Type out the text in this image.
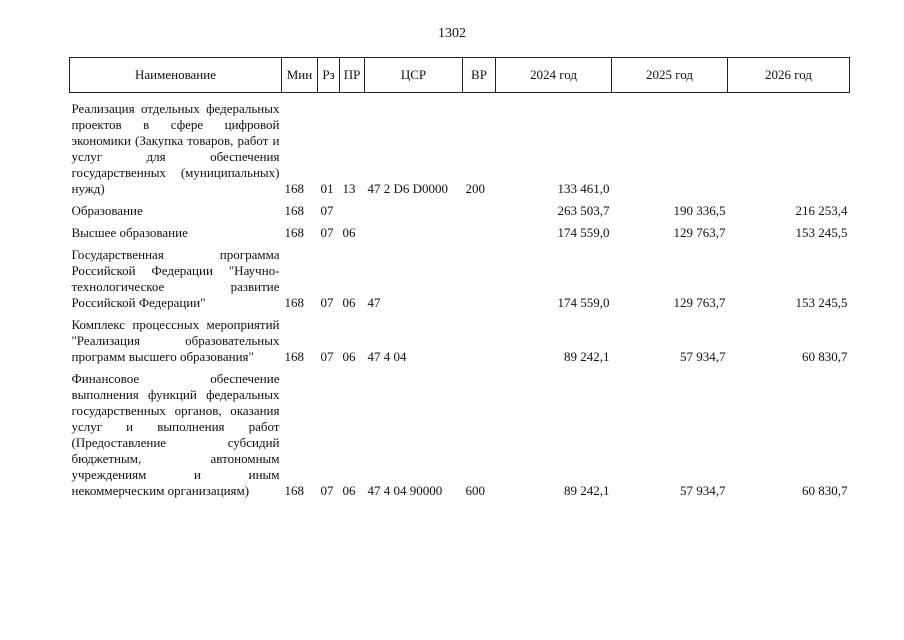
1302
Наименование	Мин	Рз	ПР	ЦСР	ВР	2024 год	2025 год	2026 год
Реализация отдельных федеральных проектов в сфере цифровой экономики (Закупка товаров, работ и услуг для обеспечения государственных (муниципальных) нужд)	168	01	13	47 2 D6 D0000	200	133 461,0		
Образование	168	07				263 503,7	190 336,5	216 253,4
Высшее образование	168	07	06			174 559,0	129 763,7	153 245,5
Государственная программа Российской Федерации "Научно-технологическое развитие Российской Федерации"	168	07	06	47		174 559,0	129 763,7	153 245,5
Комплекс процессных мероприятий "Реализация образовательных программ высшего образования"	168	07	06	47 4 04		89 242,1	57 934,7	60 830,7
Финансовое обеспечение выполнения функций федеральных государственных органов, оказания услуг и выполнения работ (Предоставление субсидий бюджетным, автономным учреждениям и иным некоммерческим организациям)	168	07	06	47 4 04 90000	600	89 242,1	57 934,7	60 830,7
